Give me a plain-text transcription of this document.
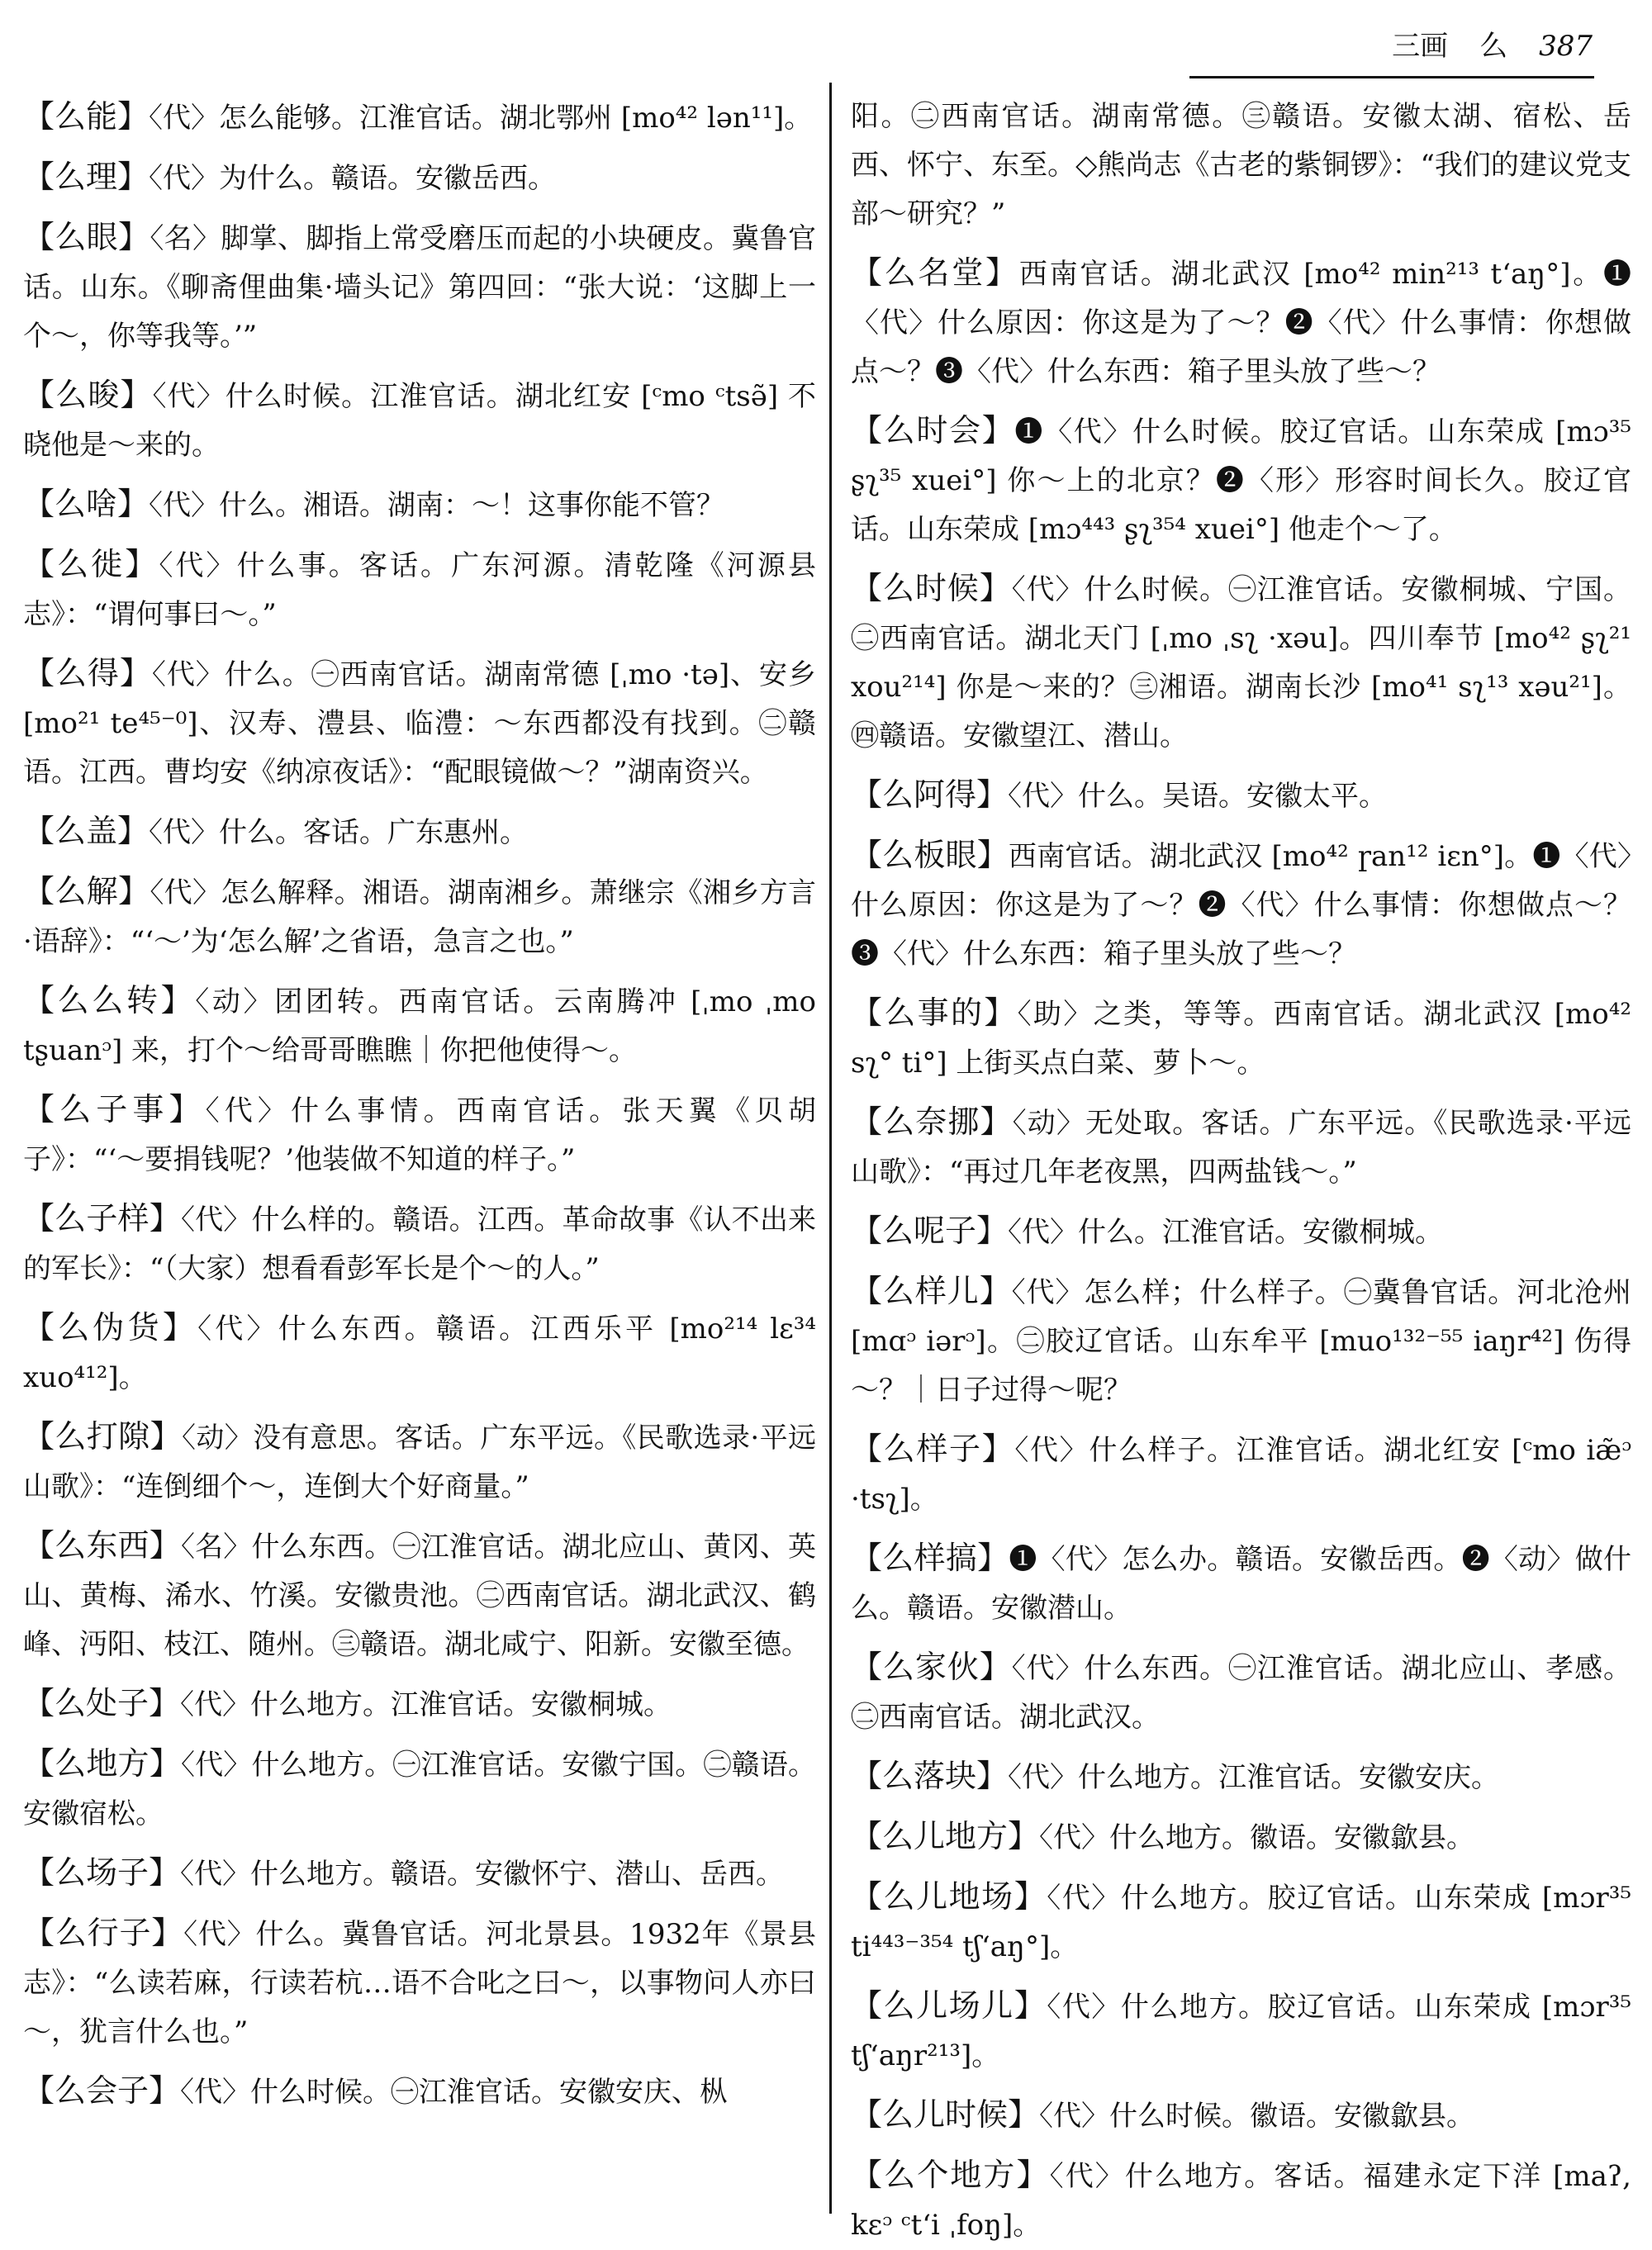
三画 么 387
【么能】〈代〉怎么能够。江淮官话。湖北鄂州 [mo⁴² lən¹¹]。
【么理】〈代〉为什么。赣语。安徽岳西。
【么眼】〈名〉脚掌、脚指上常受磨压而起的小块硬皮。冀鲁官话。山东。《聊斋俚曲集·墙头记》第四回：“张大说：‘这脚上一个～，你等我等。’”
【么晙】〈代〉什么时候。江淮官话。湖北红安 [ᶜmo ᶜtsə̃] 不晓他是～来的。
【么啥】〈代〉什么。湘语。湖南：～！这事你能不管？
【么徙】〈代〉什么事。客话。广东河源。清乾隆《河源县志》：“谓何事曰～。”
【么得】〈代〉什么。㊀西南官话。湖南常德 [ˌmo ·tə]、安乡 [mo²¹ te⁴⁵⁻⁰]、汉寿、澧县、临澧：～东西都没有找到。㊁赣语。江西。曹均安《纳凉夜话》：“配眼镜做～？”湖南资兴。
【么盖】〈代〉什么。客话。广东惠州。
【么解】〈代〉怎么解释。湘语。湖南湘乡。萧继宗《湘乡方言·语辞》：“‘～’为‘怎么解’之省语，急言之也。”
【么么转】〈动〉团团转。西南官话。云南腾冲 [ˌmo ˌmo tʂuanᵓ] 来，打个～给哥哥瞧瞧｜你把他使得～。
【么子事】〈代〉什么事情。西南官话。张天翼《贝胡子》：“‘～要捐钱呢？’他装做不知道的样子。”
【么子样】〈代〉什么样的。赣语。江西。革命故事《认不出来的军长》：“（大家）想看看彭军长是个～的人。”
【么伪货】〈代〉什么东西。赣语。江西乐平 [mo²¹⁴ lɛ³⁴ xuo⁴¹²]。
【么打隙】〈动〉没有意思。客话。广东平远。《民歌选录·平远山歌》：“连倒细个～，连倒大个好商量。”
【么东西】〈名〉什么东西。㊀江淮官话。湖北应山、黄冈、英山、黄梅、浠水、竹溪。安徽贵池。㊁西南官话。湖北武汉、鹤峰、沔阳、枝江、随州。㊂赣语。湖北咸宁、阳新。安徽至德。
【么处子】〈代〉什么地方。江淮官话。安徽桐城。
【么地方】〈代〉什么地方。㊀江淮官话。安徽宁国。㊁赣语。安徽宿松。
【么场子】〈代〉什么地方。赣语。安徽怀宁、潜山、岳西。
【么行子】〈代〉什么。冀鲁官话。河北景县。1932年《景县志》：“么读若麻，行读若杭…语不合叱之曰～，以事物问人亦曰～，犹言什么也。”
【么会子】〈代〉什么时候。㊀江淮官话。安徽安庆、枞
阳。㊁西南官话。湖南常德。㊂赣语。安徽太湖、宿松、岳西、怀宁、东至。◇熊尚志《古老的紫铜锣》：“我们的建议党支部～研究？”
【么名堂】西南官话。湖北武汉 [mo⁴² min²¹³ tʻaŋ°]。❶〈代〉什么原因：你这是为了～？❷〈代〉什么事情：你想做点～？❸〈代〉什么东西：箱子里头放了些～？
【么时会】❶〈代〉什么时候。胶辽官话。山东荣成 [mɔ³⁵ ʂʅ³⁵ xuei°] 你～上的北京？❷〈形〉形容时间长久。胶辽官话。山东荣成 [mɔ⁴⁴³ ʂʅ³⁵⁴ xuei°] 他走个～了。
【么时候】〈代〉什么时候。㊀江淮官话。安徽桐城、宁国。㊁西南官话。湖北天门 [ˌmo ˌsʅ ·xəu]。四川奉节 [mo⁴² ʂʅ²¹ xou²¹⁴] 你是～来的？㊂湘语。湖南长沙 [mo⁴¹ sʅ¹³ xəu²¹]。㊃赣语。安徽望江、潜山。
【么阿得】〈代〉什么。吴语。安徽太平。
【么板眼】西南官话。湖北武汉 [mo⁴² ɼan¹² iɛn°]。❶〈代〉什么原因：你这是为了～？❷〈代〉什么事情：你想做点～？❸〈代〉什么东西：箱子里头放了些～？
【么事的】〈助〉之类，等等。西南官话。湖北武汉 [mo⁴² sʅ° ti°] 上街买点白菜、萝卜～。
【么奈挪】〈动〉无处取。客话。广东平远。《民歌选录·平远山歌》：“再过几年老夜黑，四两盐钱～。”
【么呢子】〈代〉什么。江淮官话。安徽桐城。
【么样儿】〈代〉怎么样；什么样子。㊀冀鲁官话。河北沧州 [mɑᵓ iərᵓ]。㊁胶辽官话。山东牟平 [muo¹³²⁻⁵⁵ iaŋr⁴²] 伤得～？｜日子过得～呢？
【么样子】〈代〉什么样子。江淮官话。湖北红安 [ᶜmo iæ̃ᵓ ·tsʅ]。
【么样搞】❶〈代〉怎么办。赣语。安徽岳西。❷〈动〉做什么。赣语。安徽潜山。
【么家伙】〈代〉什么东西。㊀江淮官话。湖北应山、孝感。㊁西南官话。湖北武汉。
【么落块】〈代〉什么地方。江淮官话。安徽安庆。
【么儿地方】〈代〉什么地方。徽语。安徽歙县。
【么儿地场】〈代〉什么地方。胶辽官话。山东荣成 [mɔr³⁵ ti⁴⁴³⁻³⁵⁴ tʃʻaŋ°]。
【么儿场儿】〈代〉什么地方。胶辽官话。山东荣成 [mɔr³⁵ tʃʻaŋr²¹³]。
【么儿时候】〈代〉什么时候。徽语。安徽歙县。
【么个地方】〈代〉什么地方。客话。福建永定下洋 [maʔ, kɛᵓ ᶜtʻi ˌfoŋ]。
